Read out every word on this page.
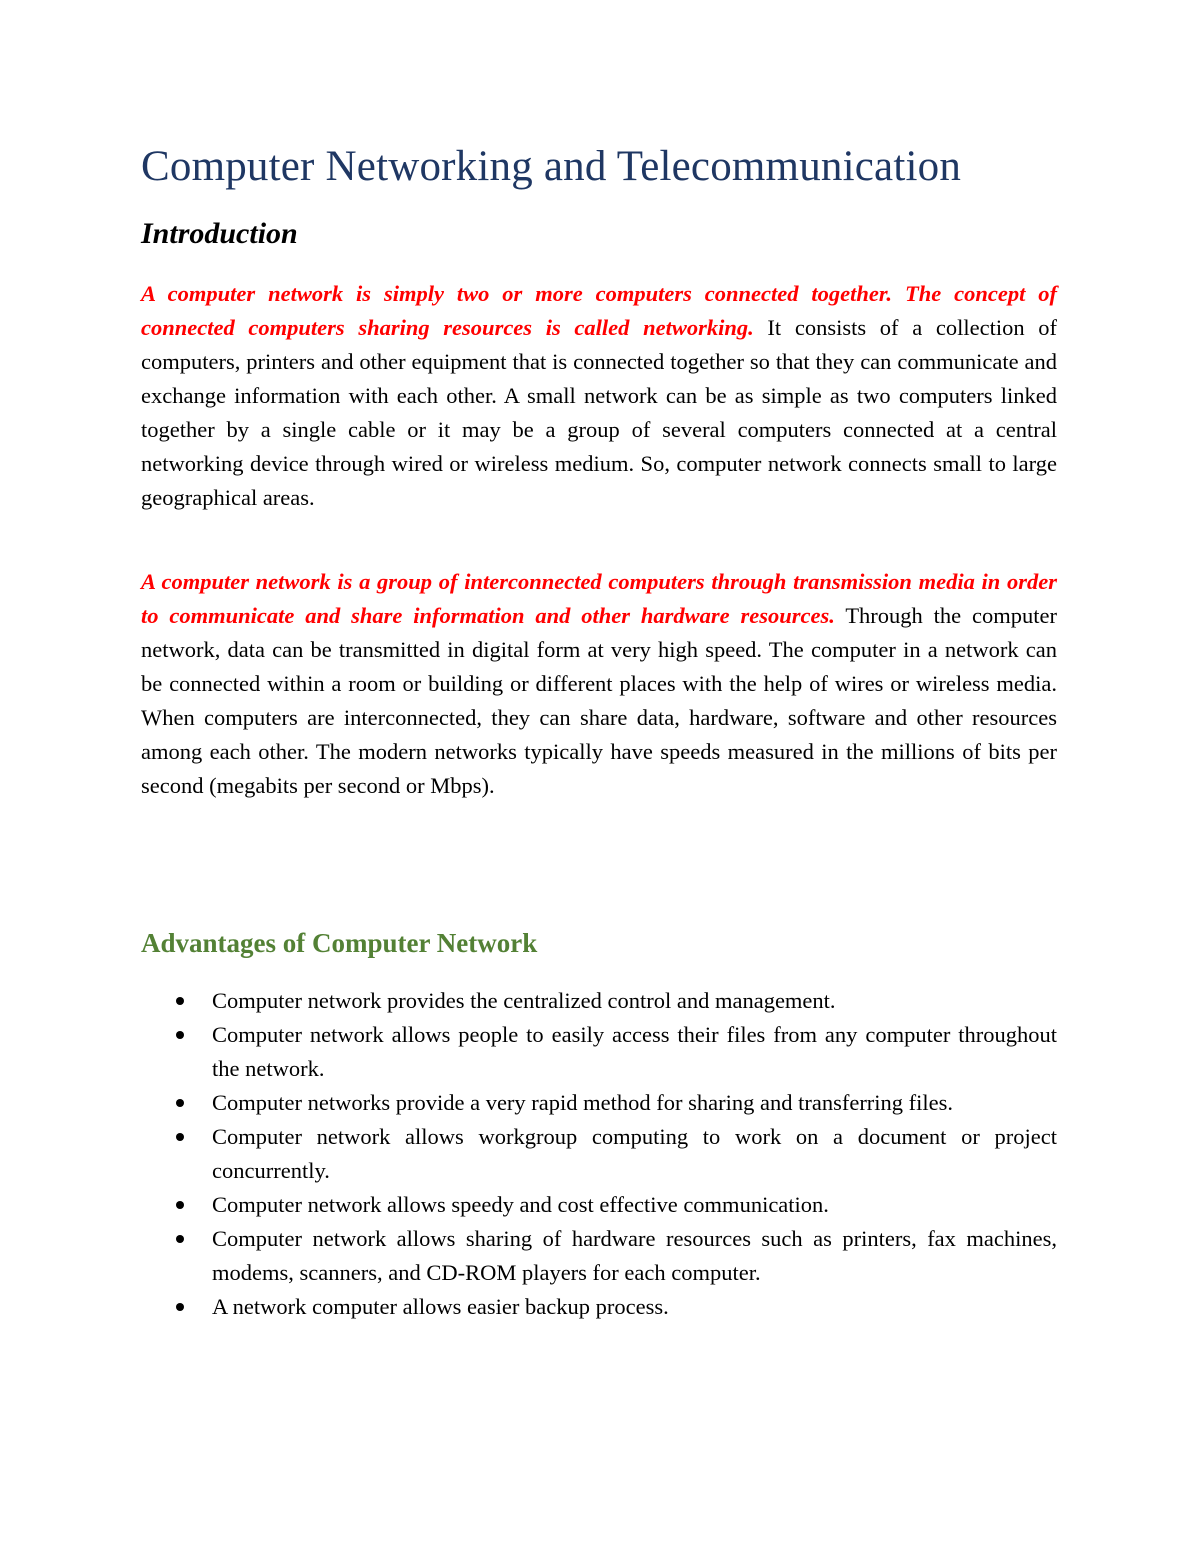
Computer Networking and Telecommunication
Introduction

A computer network is simply two or more computers connected together. The concept of connected computers sharing resources is called networking. It consists of a collection of computers, printers and other equipment that is connected together so that they can communicate and exchange information with each other. A small network can be as simple as two computers linked together by a single cable or it may be a group of several computers connected at a central networking device through wired or wireless medium. So, computer network connects small to large geographical areas.

A computer network is a group of interconnected computers through transmission media in order to communicate and share information and other hardware resources. Through the computer network, data can be transmitted in digital form at very high speed. The computer in a network can be connected within a room or building or different places with the help of wires or wireless media. When computers are interconnected, they can share data, hardware, software and other resources among each other. The modern networks typically have speeds measured in the millions of bits per second (megabits per second or Mbps).

Advantages of Computer Network
Computer network provides the centralized control and management.
Computer network allows people to easily access their files from any computer throughout the network.
Computer networks provide a very rapid method for sharing and transferring files.
Computer network allows workgroup computing to work on a document or project concurrently.
Computer network allows speedy and cost effective communication.
Computer network allows sharing of hardware resources such as printers, fax machines, modems, scanners, and CD-ROM players for each computer.
A network computer allows easier backup process.
